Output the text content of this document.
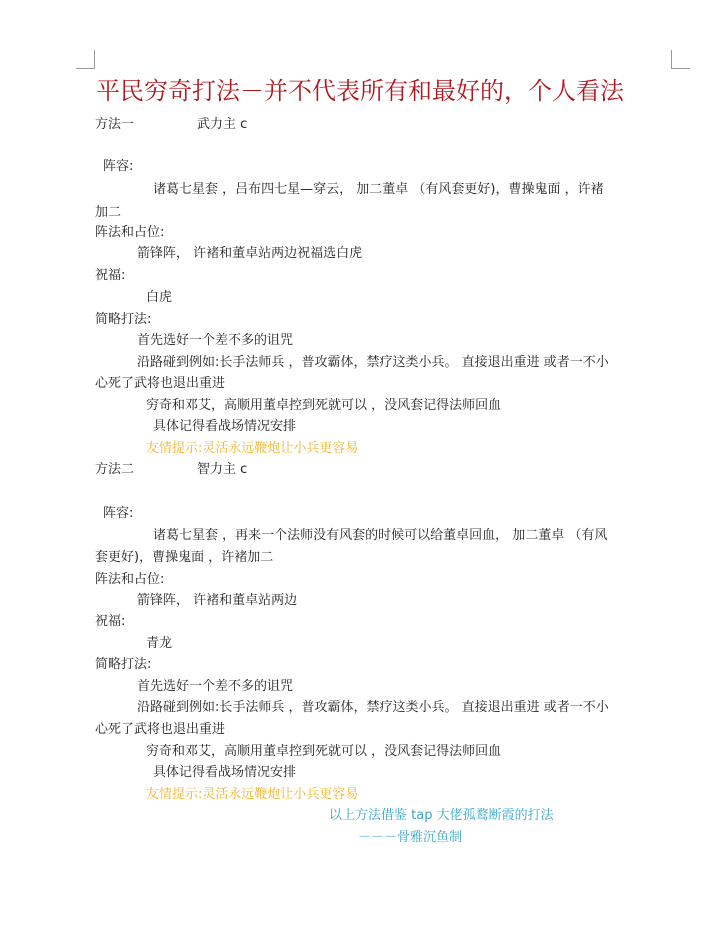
平民穷奇打法－并不代表所有和最好的，个人看法
方法一	武力主 c
阵容:
诸葛七星套 ，吕布四七星—穿云， 加二董卓 （有风套更好)，曹操鬼面 ，许褚
加二
阵法和占位:
箭锋阵， 许褚和董卓站两边祝福选白虎
祝福:
白虎
简略打法:
首先选好一个差不多的诅咒
沿路碰到例如:长手法师兵 ，普攻霸体，禁疗这类小兵。 直接退出重进 或者一不小
心死了武将也退出重进
穷奇和邓艾，高顺用董卓控到死就可以 ，没风套记得法师回血
具体记得看战场情况安排
友情提示:灵活永远鞭炮让小兵更容易
方法二	智力主 c
阵容:
诸葛七星套 ，再来一个法师没有风套的时候可以给董卓回血， 加二董卓 （有风
套更好)，曹操鬼面 ，许褚加二
阵法和占位:
箭锋阵， 许褚和董卓站两边
祝福:
青龙
简略打法:
首先选好一个差不多的诅咒
沿路碰到例如:长手法师兵 ，普攻霸体，禁疗这类小兵。 直接退出重进 或者一不小
心死了武将也退出重进
穷奇和邓艾，高顺用董卓控到死就可以 ，没风套记得法师回血
具体记得看战场情况安排
友情提示:灵活永远鞭炮让小兵更容易
以上方法借鉴 tap 大佬孤鹜断霞的打法
－－－骨雅沉鱼制
